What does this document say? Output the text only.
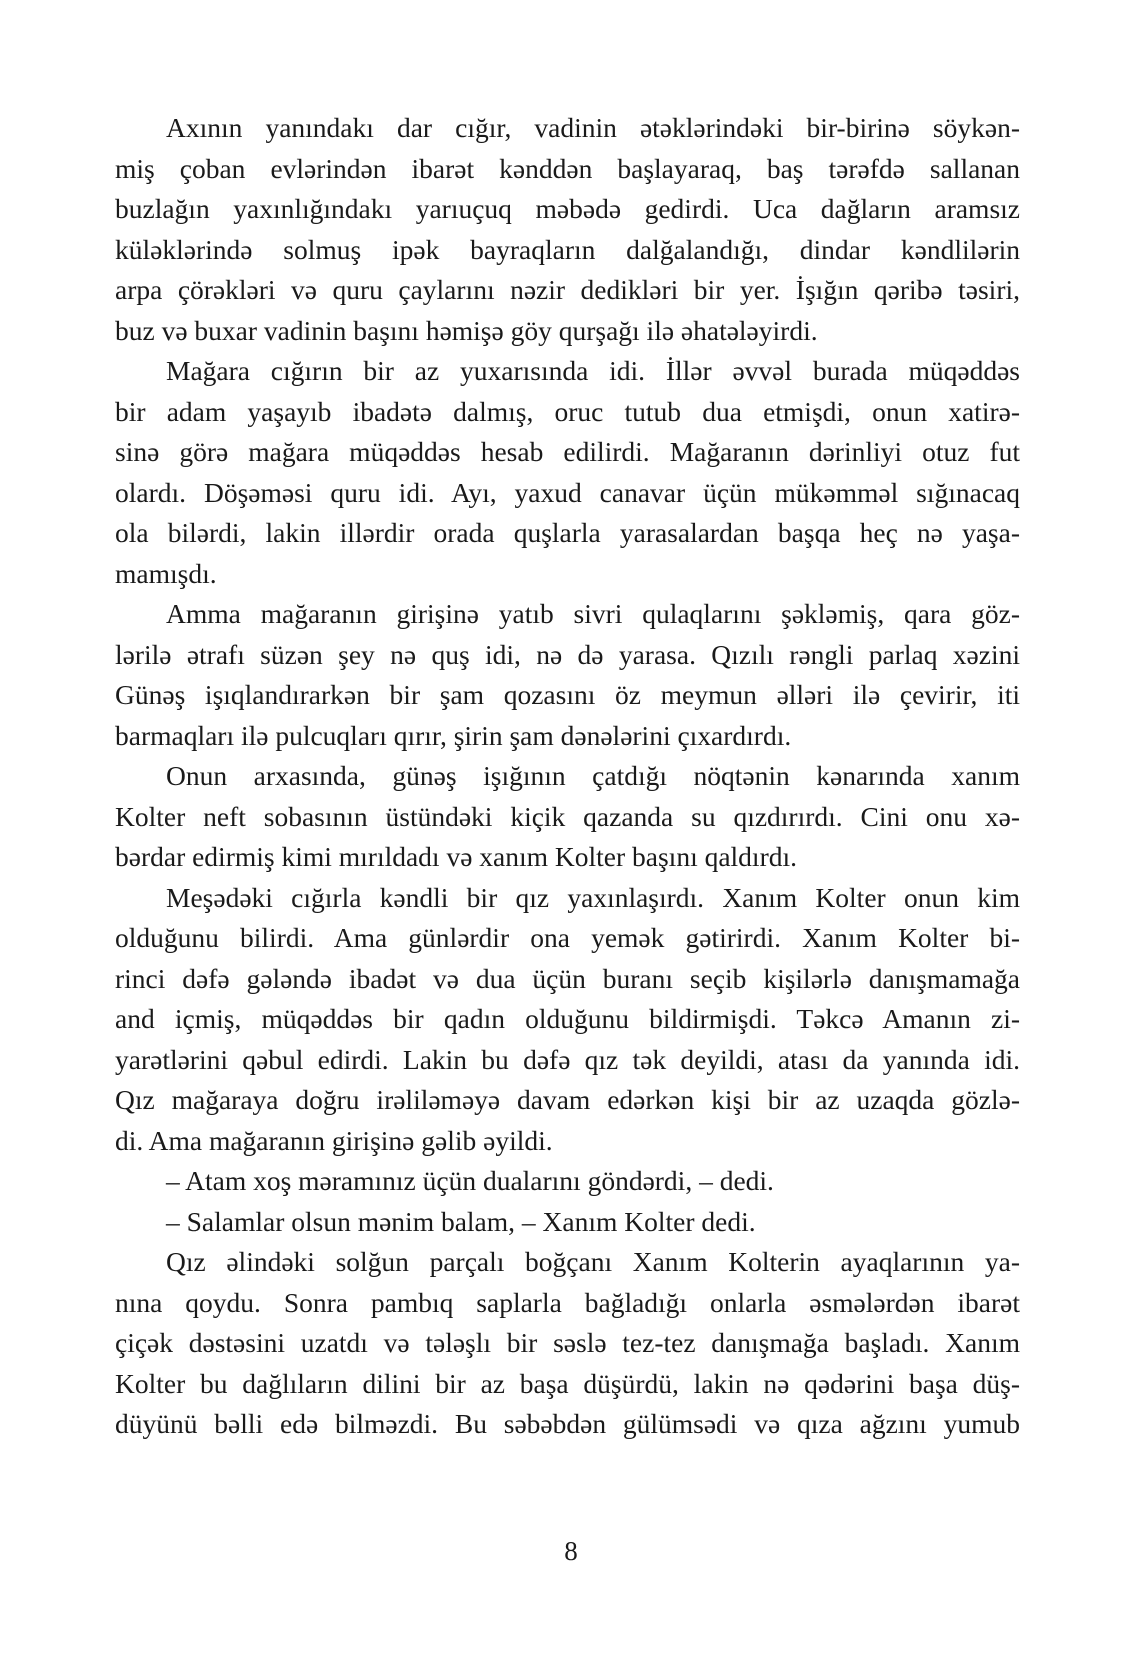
Axının yanındakı dar cığır, vadinin ətəklərindəki bir-birinə söykən-
miş çoban evlərindən ibarət kənddən başlayaraq, baş tərəfdə sallanan
buzlağın yaxınlığındakı yarıuçuq məbədə gedirdi. Uca dağların aramsız
küləklərində solmuş ipək bayraqların dalğalandığı, dindar kəndlilərin
arpa çörəkləri və quru çaylarını nəzir dedikləri bir yer. İşığın qəribə təsiri,
buz və buxar vadinin başını həmişə göy qurşağı ilə əhatələyirdi.
Mağara cığırın bir az yuxarısında idi. İllər əvvəl burada müqəddəs
bir adam yaşayıb ibadətə dalmış, oruc tutub dua etmişdi, onun xatirə-
sinə görə mağara müqəddəs hesab edilirdi. Mağaranın dərinliyi otuz fut
olardı. Döşəməsi quru idi. Ayı, yaxud canavar üçün mükəmməl sığınacaq
ola bilərdi, lakin illərdir orada quşlarla yarasalardan başqa heç nə yaşa-
mamışdı.
Amma mağaranın girişinə yatıb sivri qulaqlarını şəkləmiş, qara göz-
lərilə ətrafı süzən şey nə quş idi, nə də yarasa. Qızılı rəngli parlaq xəzini
Günəş işıqlandırarkən bir şam qozasını öz meymun əlləri ilə çevirir, iti
barmaqları ilə pulcuqları qırır, şirin şam dənələrini çıxardırdı.
Onun arxasında, günəş işığının çatdığı nöqtənin kənarında xanım
Kolter neft sobasının üstündəki kiçik qazanda su qızdırırdı. Cini onu xə-
bərdar edirmiş kimi mırıldadı və xanım Kolter başını qaldırdı.
Meşədəki cığırla kəndli bir qız yaxınlaşırdı. Xanım Kolter onun kim
olduğunu bilirdi. Ama günlərdir ona yemək gətirirdi. Xanım Kolter bi-
rinci dəfə gələndə ibadət və dua üçün buranı seçib kişilərlə danışmamağa
and içmiş, müqəddəs bir qadın olduğunu bildirmişdi. Təkcə Amanın zi-
yarətlərini qəbul edirdi. Lakin bu dəfə qız tək deyildi, atası da yanında idi.
Qız mağaraya doğru irəliləməyə davam edərkən kişi bir az uzaqda gözlə-
di. Ama mağaranın girişinə gəlib əyildi.
– Atam xoş məramınız üçün dualarını göndərdi, – dedi.
– Salamlar olsun mənim balam, – Xanım Kolter dedi.
Qız əlindəki solğun parçalı boğçanı Xanım Kolterin ayaqlarının ya-
nına qoydu. Sonra pambıq saplarla bağladığı onlarla əsmələrdən ibarət
çiçək dəstəsini uzatdı və tələşlı bir səslə tez-tez danışmağa başladı. Xanım
Kolter bu dağlıların dilini bir az başa düşürdü, lakin nə qədərini başa düş-
düyünü bəlli edə bilməzdi. Bu səbəbdən gülümsədi və qıza ağzını yumub
8
